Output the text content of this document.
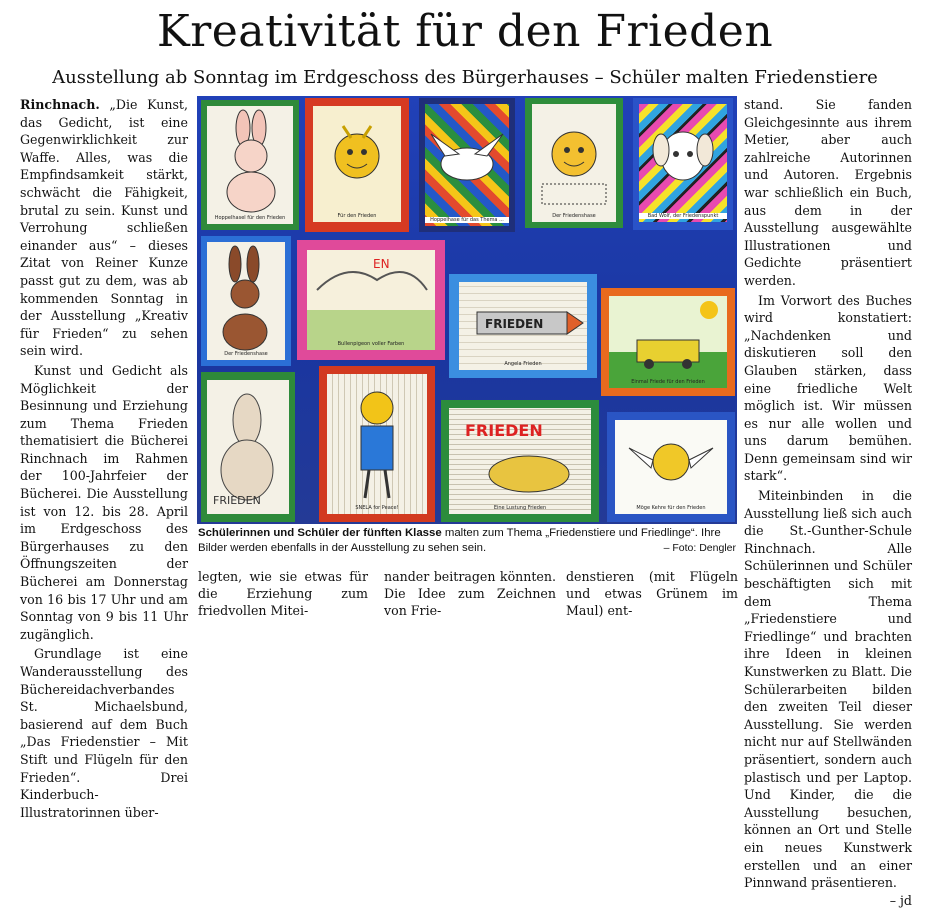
Kreativität für den Frieden
Ausstellung ab Sonntag im Erdgeschoss des Bürgerhauses – Schüler malten Friedenstiere

Rinchnach. „Die Kunst, das Gedicht, ist eine Gegenwirklichkeit zur Waffe. Alles, was die Empfindsamkeit stärkt, schwächt die Fähigkeit, brutal zu sein. Kunst und Verrohung schließen einander aus“ – dieses Zitat von Reiner Kunze passt gut zu dem, was ab kommenden Sonntag in der Ausstellung „Kreativ für Frieden“ zu sehen sein wird.

Kunst und Gedicht als Möglichkeit der Besinnung und Erziehung zum Thema Frieden thematisiert die Bücherei Rinchnach im Rahmen der 100-Jahrfeier der Bücherei. Die Ausstellung ist von 12. bis 28. April im Erdgeschoss des Bürgerhauses zu den Öffnungszeiten der Bücherei am Donnerstag von 16 bis 17 Uhr und am Sonntag von 9 bis 11 Uhr zugänglich.

Grundlage ist eine Wanderausstellung des Büchereidachverbandes St. Michaelsbund, basierend auf dem Buch „Das Friedenstier – Mit Stift und Flügeln für den Frieden“. Drei Kinderbuch-Illustratorinnen über-

Hoppelhasel für den Frieden	Für den Frieden
Hoppelhase für das Thema ...
Der Friedenshase	Bad Wolf, der Friedenspunkt
Der Friedenshase
EN
Bullenpigeon voller Farben
FRIEDEN
Angela Frieden
Einmal Friede für den Frieden
FRIEDEN
SNELA for Peace!
FRIEDEN
Eine Lustung Frieden	Möge Kehre für den Frieden
Schülerinnen und Schüler der fünften Klasse malten zum Thema „Friedenstiere und Friedlinge“. Ihre Bilder werden ebenfalls in der Ausstellung zu sehen sein.	– Foto: Dengler
legten, wie sie etwas für die Erziehung zum friedvollen Mitei-
nander beitragen könnten. Die Idee zum Zeichnen von Frie-
denstieren (mit Flügeln und etwas Grünem im Maul) ent-

stand. Sie fanden Gleichgesinnte aus ihrem Metier, aber auch zahlreiche Autorinnen und Autoren. Ergebnis war schließlich ein Buch, aus dem in der Ausstellung ausgewählte Illustrationen und Gedichte präsentiert werden.

Im Vorwort des Buches wird konstatiert: „Nachdenken und diskutieren soll den Glauben stärken, dass eine friedliche Welt möglich ist. Wir müssen es nur alle wollen und uns darum bemühen. Denn gemeinsam sind wir stark“.

Miteinbinden in die Ausstellung ließ sich auch die St.-Gunther-Schule Rinchnach. Alle Schülerinnen und Schüler beschäftigten sich mit dem Thema „Friedenstiere und Friedlinge“ und brachten ihre Ideen in kleinen Kunstwerken zu Blatt. Die Schülerarbeiten bilden den zweiten Teil dieser Ausstellung. Sie werden nicht nur auf Stellwänden präsentiert, sondern auch plastisch und per Laptop. Und Kinder, die die Ausstellung besuchen, können an Ort und Stelle ein neues Kunstwerk erstellen und an einer Pinnwand präsentieren.
– jd
